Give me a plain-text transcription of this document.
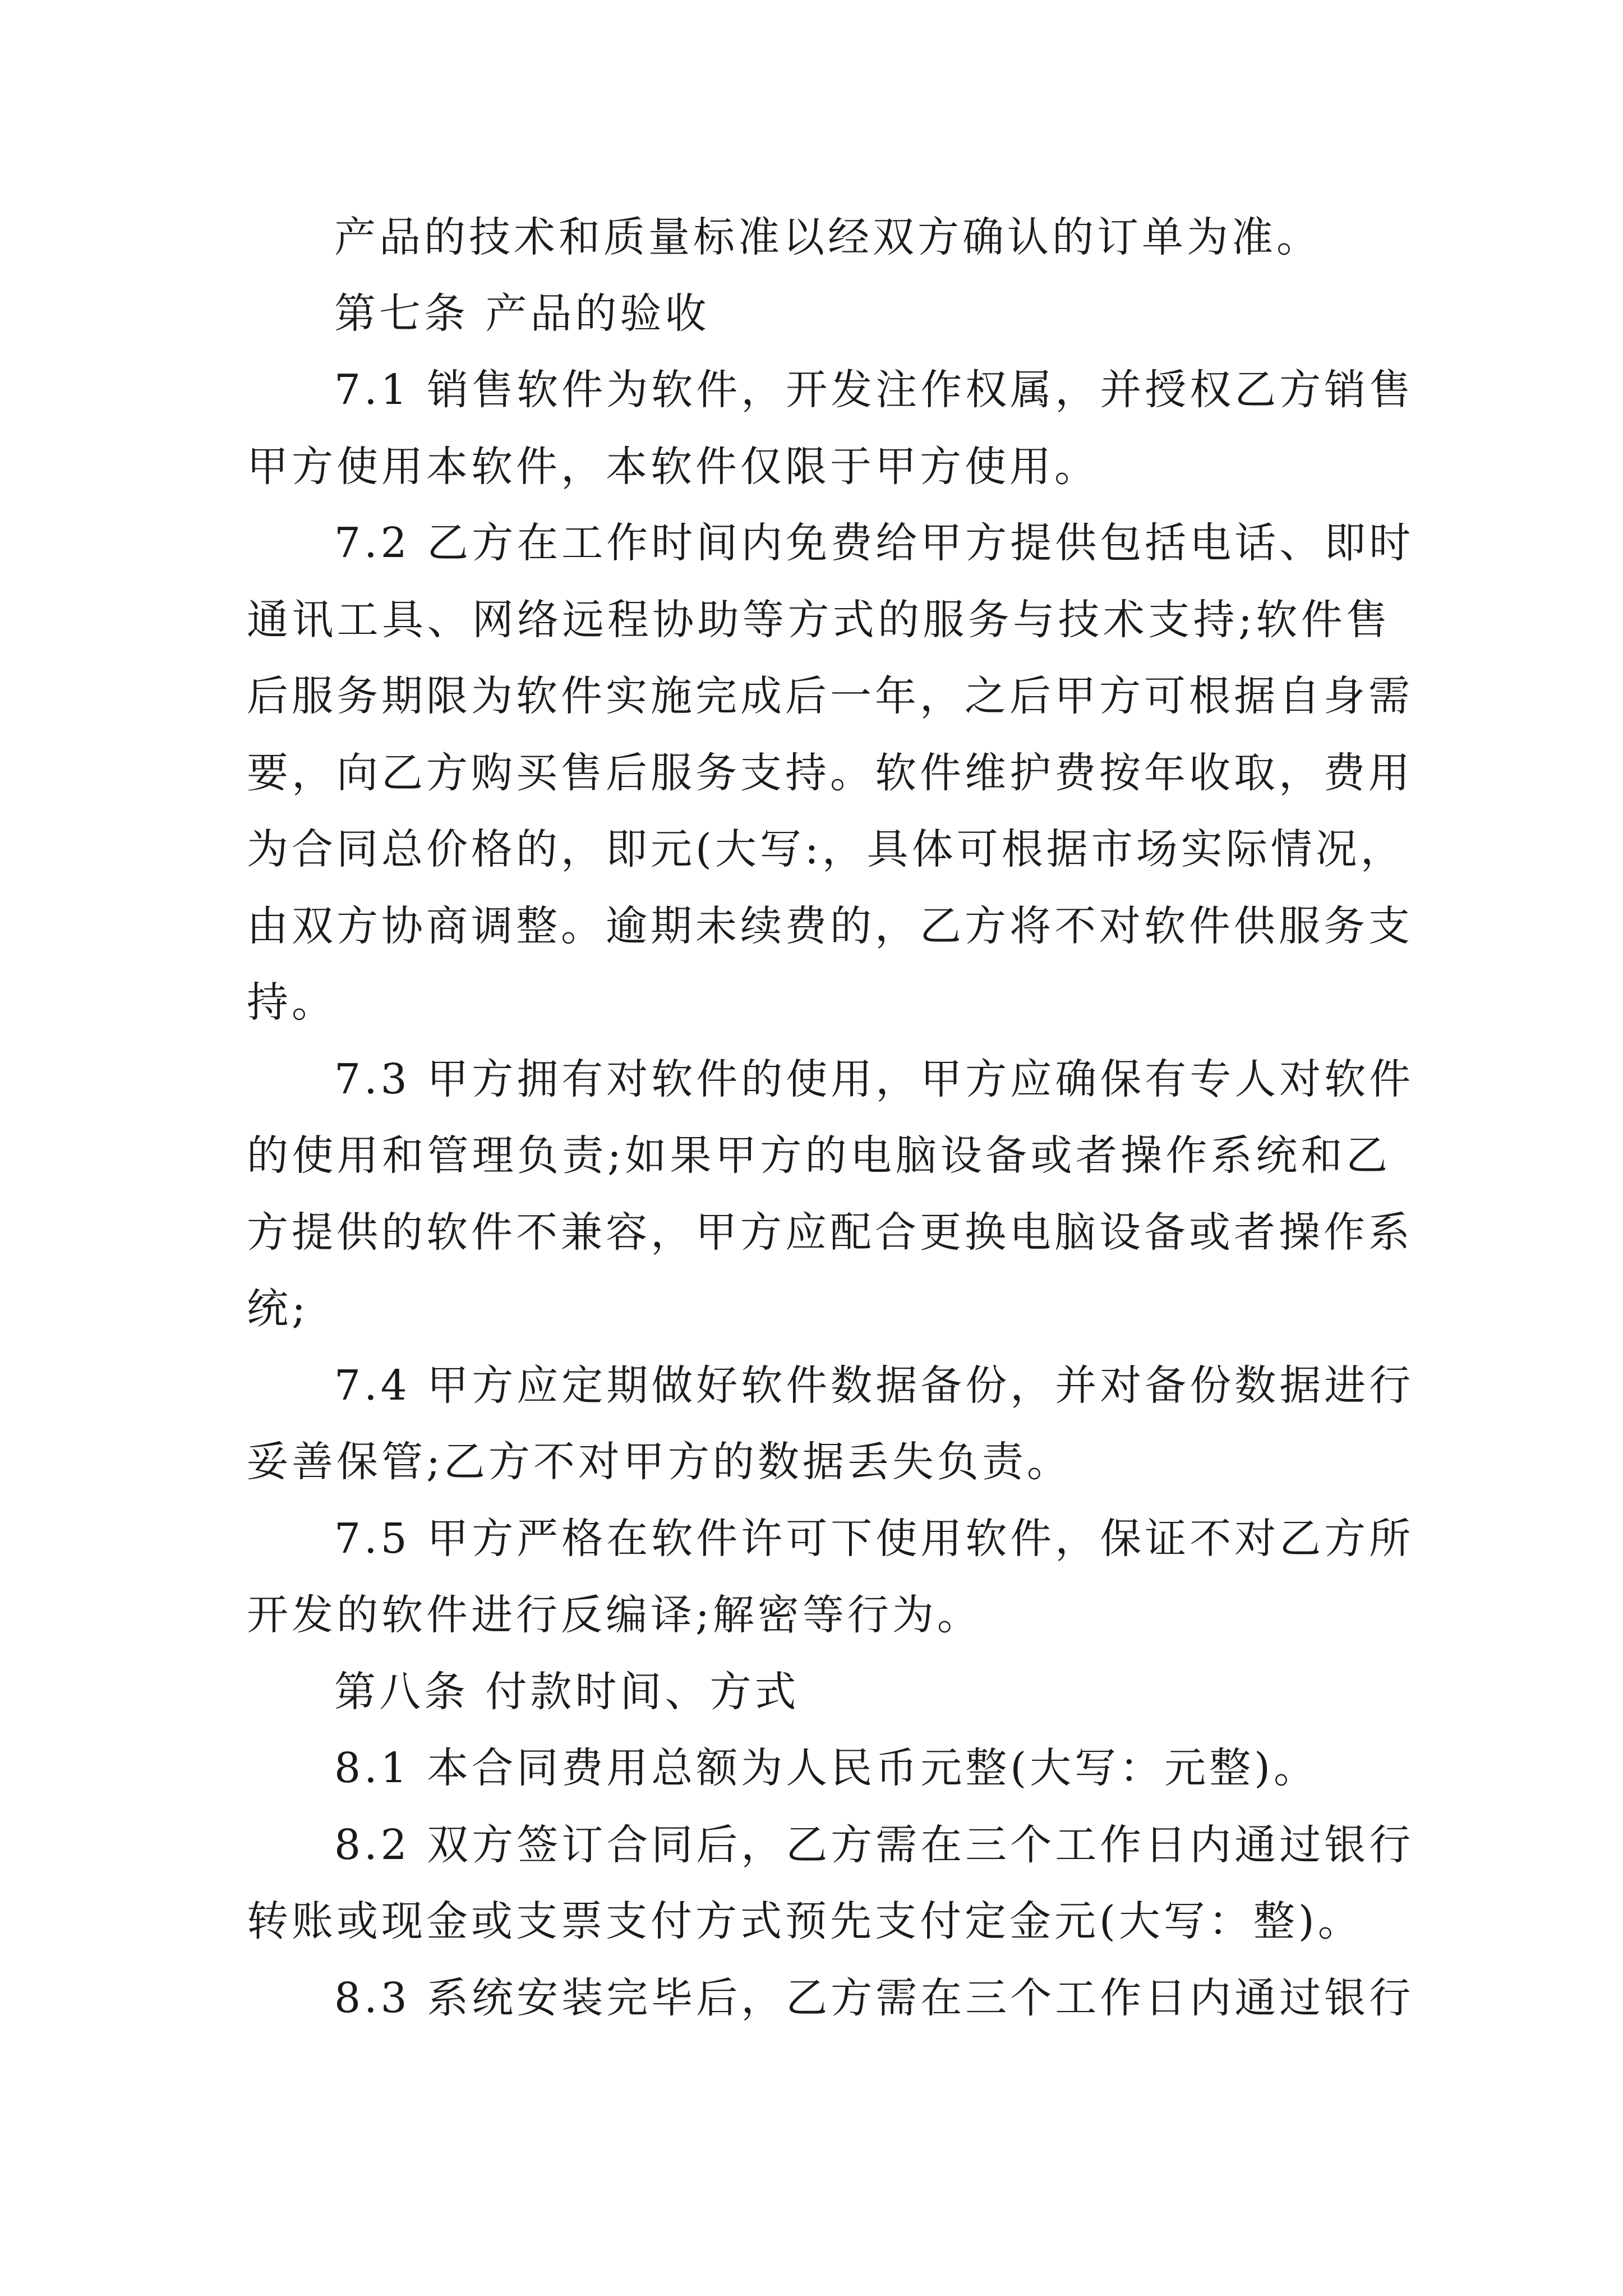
产品的技术和质量标准以经双方确认的订单为准。
第七条 产品的验收
7.1 销售软件为软件，开发注作权属，并授权乙方销售
甲方使用本软件，本软件仅限于甲方使用。
7.2 乙方在工作时间内免费给甲方提供包括电话、即时
通讯工具、网络远程协助等方式的服务与技术支持;软件售
后服务期限为软件实施完成后一年，之后甲方可根据自身需
要，向乙方购买售后服务支持。软件维护费按年收取，费用
为合同总价格的，即元(大写:，具体可根据市场实际情况，
由双方协商调整。逾期未续费的，乙方将不对软件供服务支
持。
7.3 甲方拥有对软件的使用，甲方应确保有专人对软件
的使用和管理负责;如果甲方的电脑设备或者操作系统和乙
方提供的软件不兼容，甲方应配合更换电脑设备或者操作系
统;
7.4 甲方应定期做好软件数据备份，并对备份数据进行
妥善保管;乙方不对甲方的数据丢失负责。
7.5 甲方严格在软件许可下使用软件，保证不对乙方所
开发的软件进行反编译;解密等行为。
第八条 付款时间、方式
8.1 本合同费用总额为人民币元整(大写：元整)。
8.2 双方签订合同后，乙方需在三个工作日内通过银行
转账或现金或支票支付方式预先支付定金元(大写：整)。
8.3 系统安装完毕后，乙方需在三个工作日内通过银行
